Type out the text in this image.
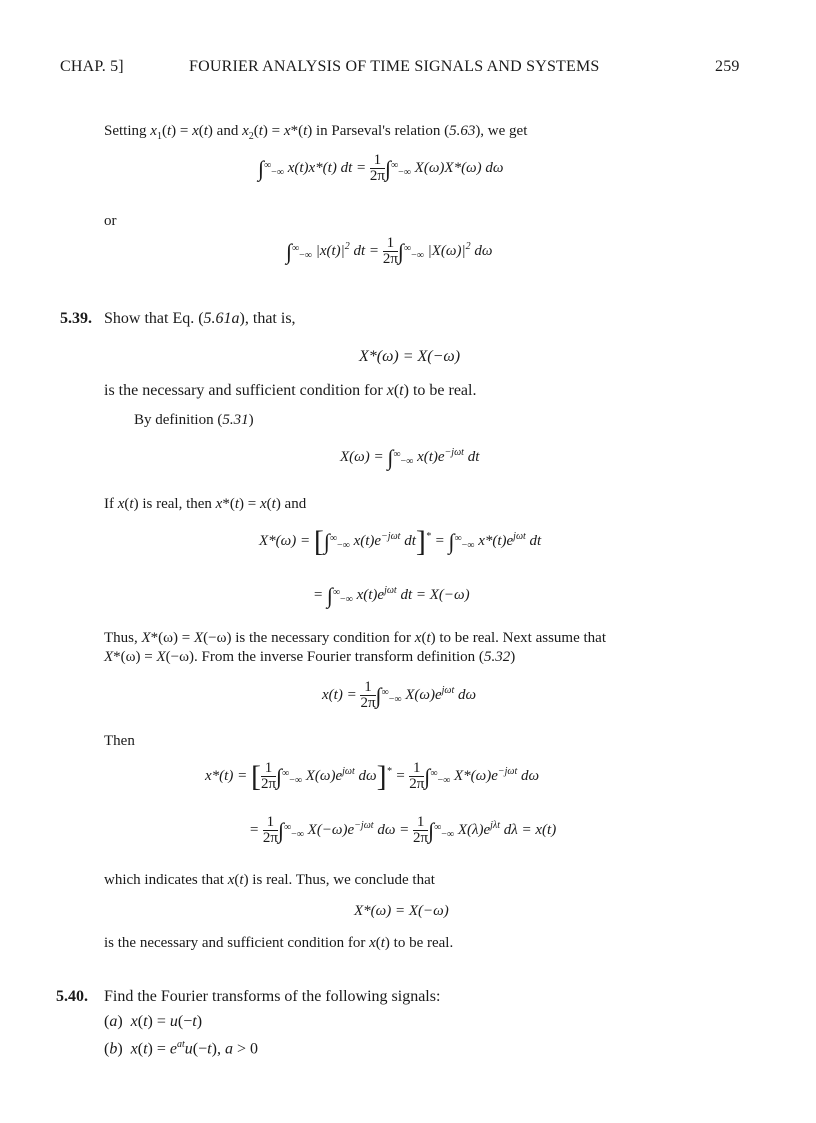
CHAP. 5]	FOURIER ANALYSIS OF TIME SIGNALS AND SYSTEMS	259
Setting $x_1(t) = x(t)$ and $x_2(t) = x*(t)$ in Parseval's relation (5.63), we get
$\int^\infty_{-\infty}$ x(t)x*(t) dt = $\frac{1}{2\pi} \int^\infty_{-\infty}$ X(ω)X*(ω) dω
or
$\int^\infty_{-\infty}$ $|x(t)|^2$ dt = $\frac{1}{2\pi} \int^\infty_{-\infty}$ $|X(\omega)|^2$ dω
5.39. Show that Eq. (5.61a), that is,
X*(ω) = X(−ω)
is the necessary and sufficient condition for x(t) to be real.
By definition (5.31)
$X(\omega) = \int^\infty_{-\infty}$ $x(t)e^{-j\omega t}$ dt
If x(t) is real, then x*(t) = x(t) and
$X*(\omega) = [\int^\infty_{-\infty}$ $x(t)e^{-j\omega t}$ $dt]^* = \int^\infty_{-\infty}$ $x*(t)e^{j\omega t}$ dt
= $\int^\infty_{-\infty}$ $x(t)e^{j\omega t}$ dt = X(−ω)
Thus, X*(ω) = X(−ω) is the necessary condition for x(t) to be real. Next assume that
X*(ω) = X(−ω). From the inverse Fourier transform definition (5.32)
$x(t) = \frac{1}{2\pi} \int^\infty_{-\infty}$ $X(\omega)e^{j\omega t}$ dω
Then
x*(t) = [ $\frac{1}{2\pi} \int^\infty_{-\infty}$ $X(\omega)e^{j\omega t}$ $d\omega]^* = \frac{1}{2\pi} \int^\infty_{-\infty}$ $X*(\omega)e^{-j\omega t}$ dω
= $\frac{1}{2\pi} \int^\infty_{-\infty}$ $X(-\omega)e^{-j\omega t}$ $d\omega = \frac{1}{2\pi} \int^\infty_{-\infty}$ $X(\lambda)e^{j\lambda t}$ dλ = x(t)
which indicates that x(t) is real. Thus, we conclude that
X*(ω) = X(−ω)
is the necessary and sufficient condition for x(t) to be real.
5.40. Find the Fourier transforms of the following signals:
(a)  x(t) = u(−t)
(b)  $x(t) = e^{at}u(-t)$, a > 0
